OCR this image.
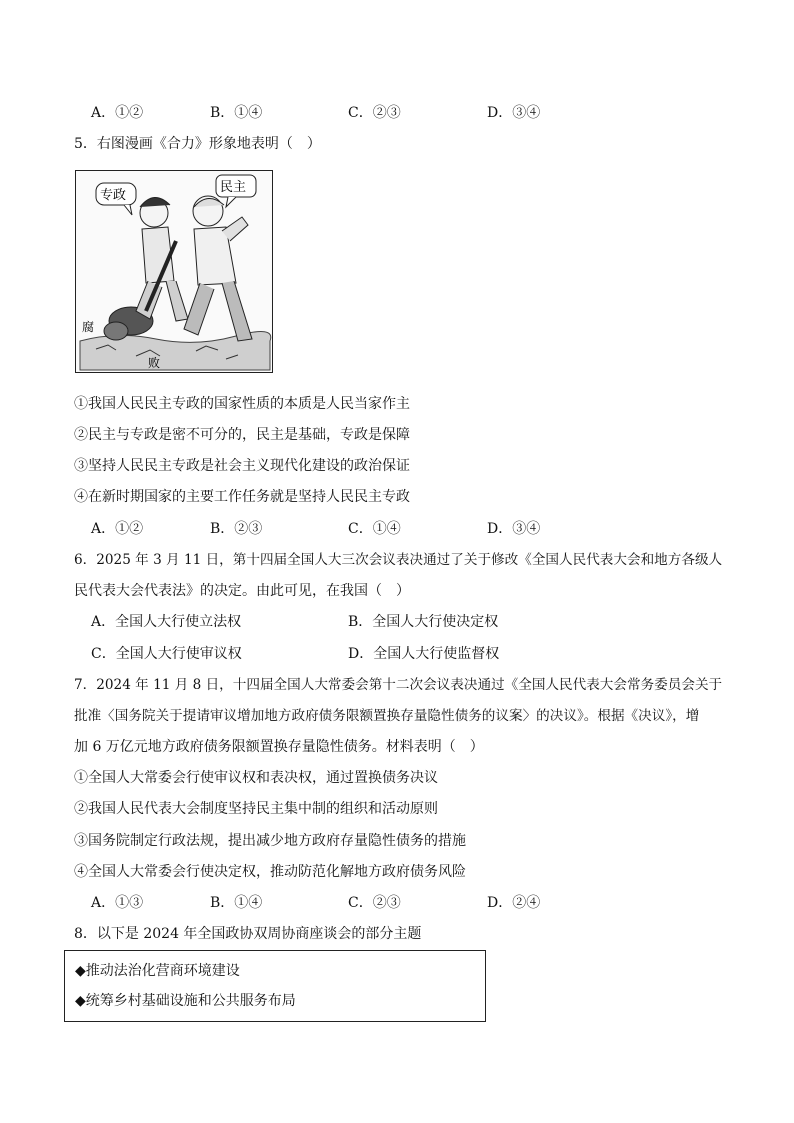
A．①②	B．①④	C．②③	D．③④
5．右图漫画《合力》形象地表明（　）
专政
民主
腐
败
①我国人民民主专政的国家性质的本质是人民当家作主
②民主与专政是密不可分的，民主是基础，专政是保障
③坚持人民民主专政是社会主义现代化建设的政治保证
④在新时期国家的主要工作任务就是坚持人民民主专政
A．①②	B．②③	C．①④	D．③④
6．2025 年 3 月 11 日，第十四届全国人大三次会议表决通过了关于修改《全国人民代表大会和地方各级人
民代表大会代表法》的决定。由此可见，在我国（　）
A．全国人大行使立法权	B．全国人大行使决定权
C．全国人大行使审议权	D．全国人大行使监督权
7．2024 年 11 月 8 日，十四届全国人大常委会第十二次会议表决通过《全国人民代表大会常务委员会关于
批准〈国务院关于提请审议增加地方政府债务限额置换存量隐性债务的议案〉的决议》。根据《决议》，增
加 6 万亿元地方政府债务限额置换存量隐性债务。材料表明（　）
①全国人大常委会行使审议权和表决权，通过置换债务决议
②我国人民代表大会制度坚持民主集中制的组织和活动原则
③国务院制定行政法规，提出减少地方政府存量隐性债务的措施
④全国人大常委会行使决定权，推动防范化解地方政府债务风险
A．①③	B．①④	C．②③	D．②④
8．以下是 2024 年全国政协双周协商座谈会的部分主题
◆推动法治化营商环境建设
◆统筹乡村基础设施和公共服务布局
